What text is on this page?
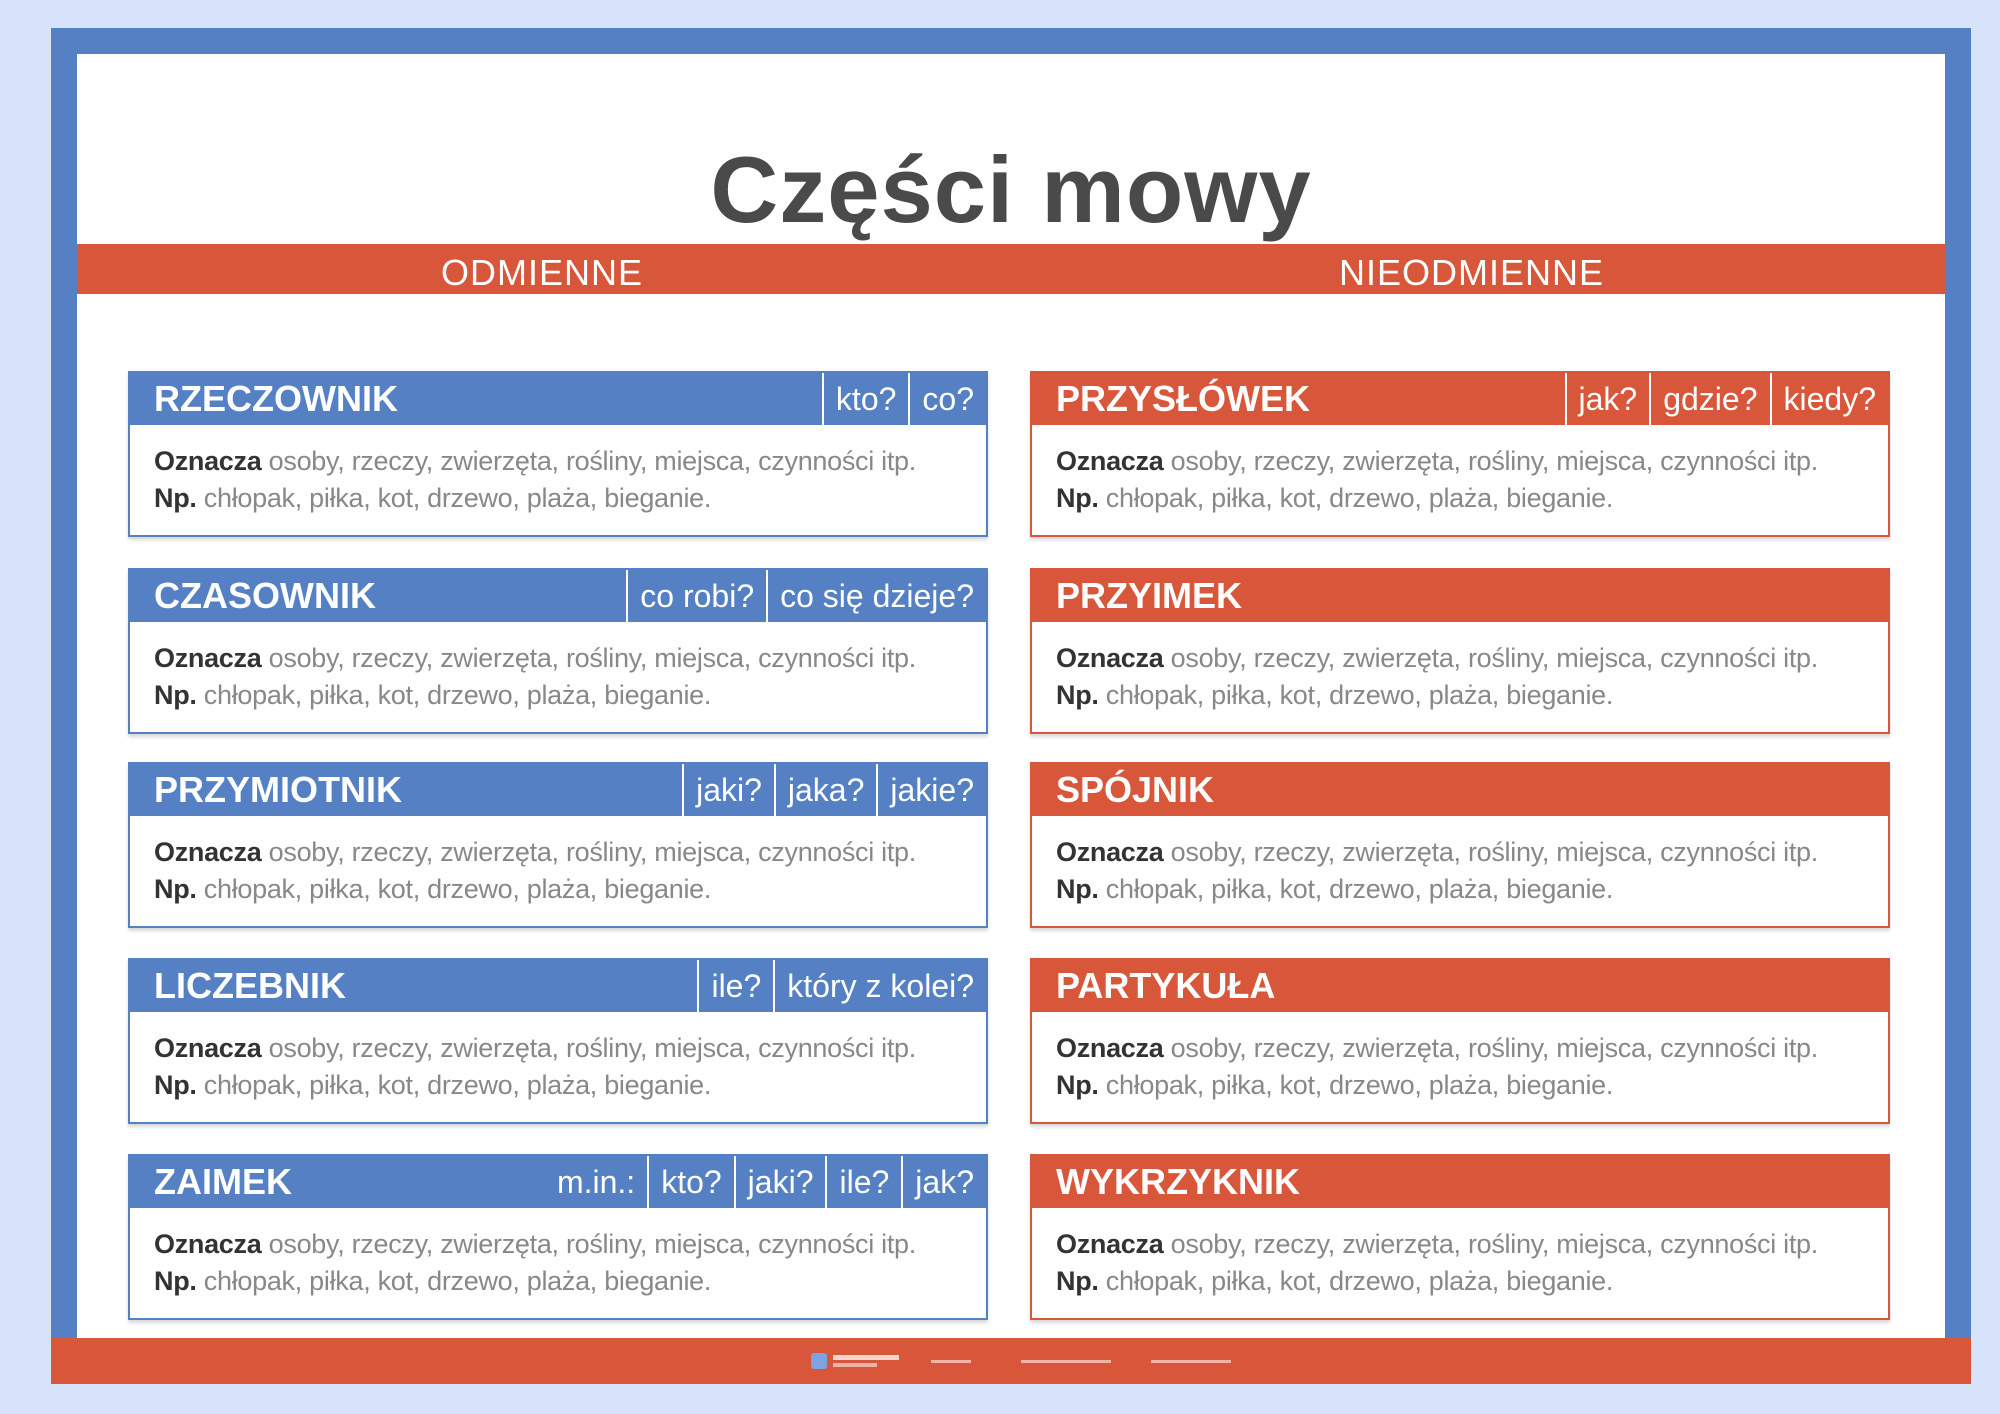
Części mowy
ODMIENNE	NIEODMIENNE
RZECZOWNIK	kto? co?
Oznacza osoby, rzeczy, zwierzęta, rośliny, miejsca, czynności itp.
Np. chłopak, piłka, kot, drzewo, plaża, bieganie.
CZASOWNIK	co robi? co się dzieje?
Oznacza osoby, rzeczy, zwierzęta, rośliny, miejsca, czynności itp.
Np. chłopak, piłka, kot, drzewo, plaża, bieganie.
PRZYMIOTNIK	jaki? jaka? jakie?
Oznacza osoby, rzeczy, zwierzęta, rośliny, miejsca, czynności itp.
Np. chłopak, piłka, kot, drzewo, plaża, bieganie.
LICZEBNIK	ile? który z kolei?
Oznacza osoby, rzeczy, zwierzęta, rośliny, miejsca, czynności itp.
Np. chłopak, piłka, kot, drzewo, plaża, bieganie.
ZAIMEK	m.in.: kto? jaki? ile? jak?
Oznacza osoby, rzeczy, zwierzęta, rośliny, miejsca, czynności itp.
Np. chłopak, piłka, kot, drzewo, plaża, bieganie.
PRZYSŁÓWEK	jak? gdzie? kiedy?
Oznacza osoby, rzeczy, zwierzęta, rośliny, miejsca, czynności itp.
Np. chłopak, piłka, kot, drzewo, plaża, bieganie.
PRZYIMEK
Oznacza osoby, rzeczy, zwierzęta, rośliny, miejsca, czynności itp.
Np. chłopak, piłka, kot, drzewo, plaża, bieganie.
SPÓJNIK
Oznacza osoby, rzeczy, zwierzęta, rośliny, miejsca, czynności itp.
Np. chłopak, piłka, kot, drzewo, plaża, bieganie.
PARTYKUŁA
Oznacza osoby, rzeczy, zwierzęta, rośliny, miejsca, czynności itp.
Np. chłopak, piłka, kot, drzewo, plaża, bieganie.
WYKRZYKNIK
Oznacza osoby, rzeczy, zwierzęta, rośliny, miejsca, czynności itp.
Np. chłopak, piłka, kot, drzewo, plaża, bieganie.
